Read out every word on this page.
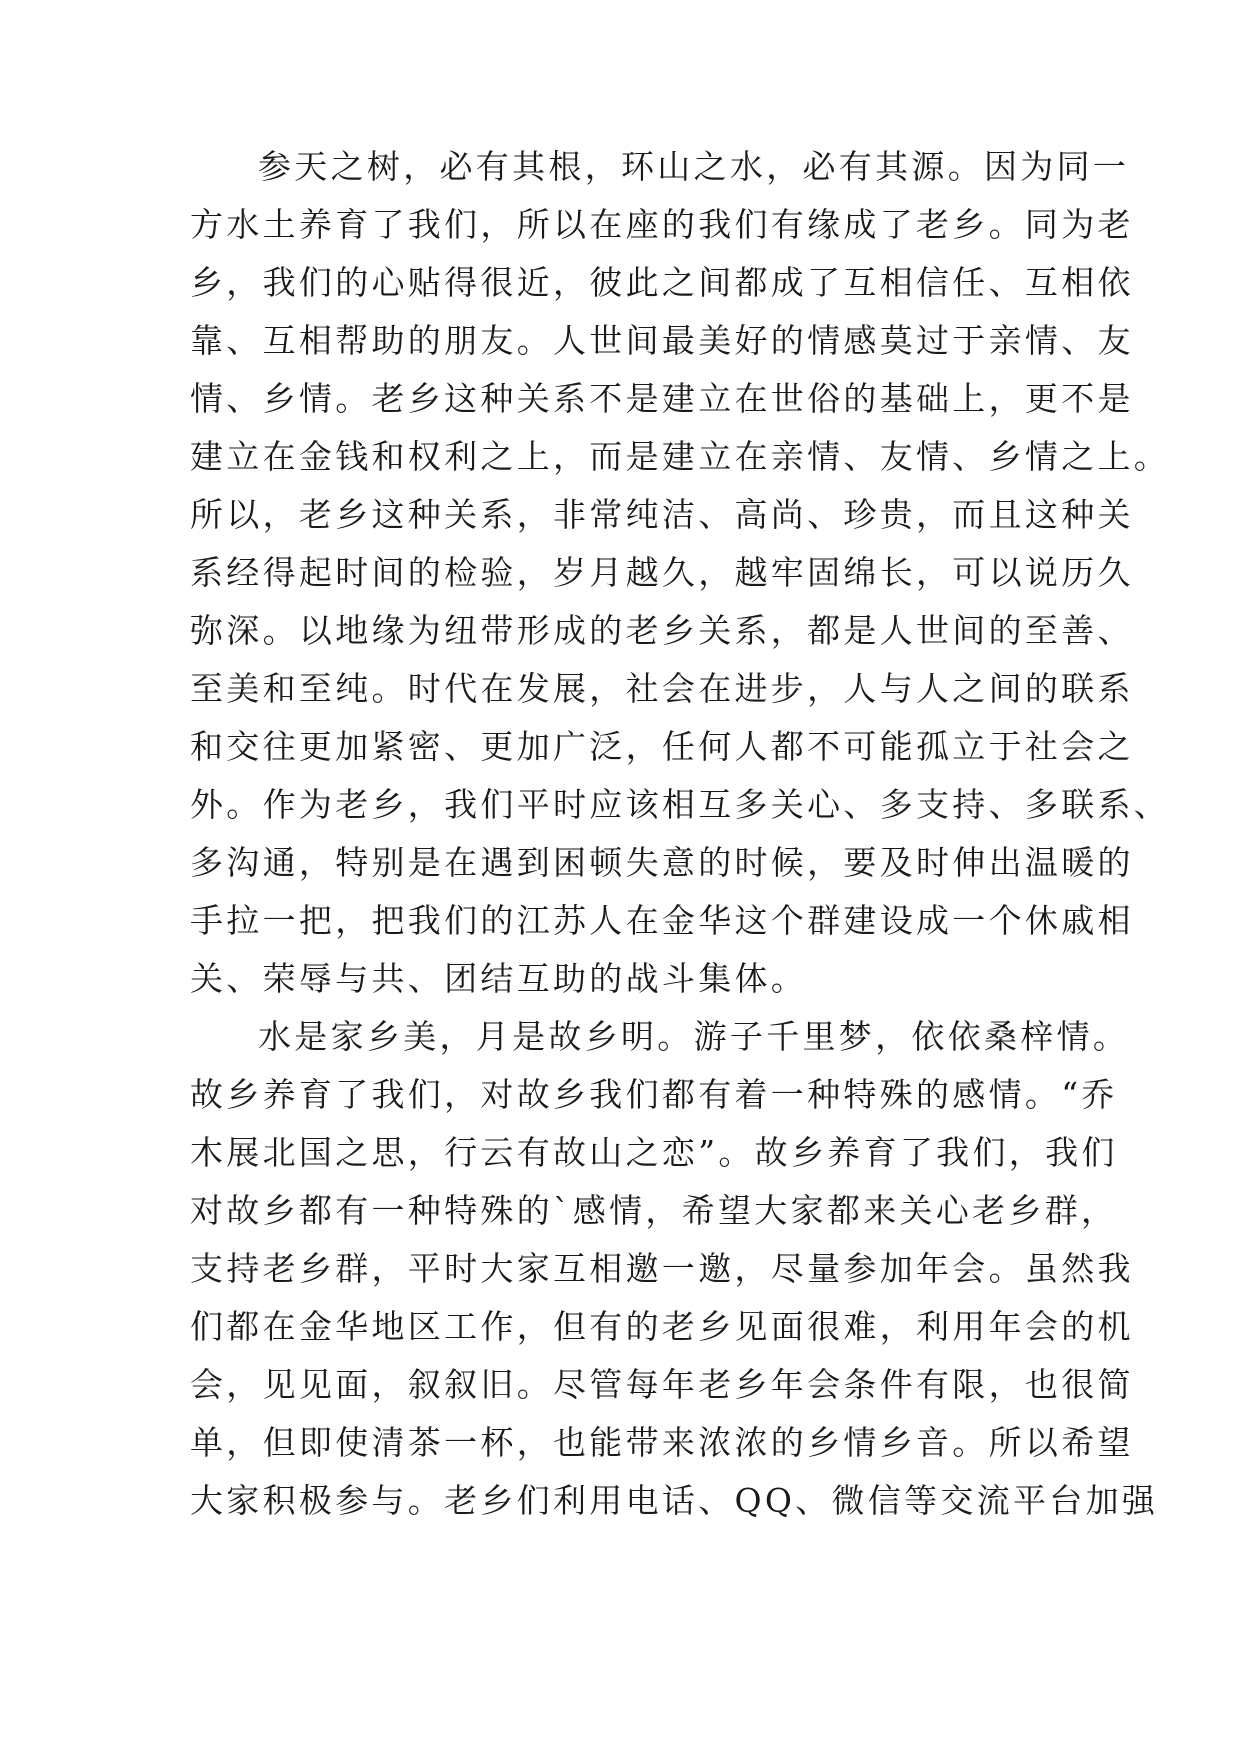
参天之树，必有其根，环山之水，必有其源。因为同一
方水土养育了我们，所以在座的我们有缘成了老乡。同为老
乡，我们的心贴得很近，彼此之间都成了互相信任、互相依
靠、互相帮助的朋友。人世间最美好的情感莫过于亲情、友
情、乡情。老乡这种关系不是建立在世俗的基础上，更不是
建立在金钱和权利之上，而是建立在亲情、友情、乡情之上。
所以，老乡这种关系，非常纯洁、高尚、珍贵，而且这种关
系经得起时间的检验，岁月越久，越牢固绵长，可以说历久
弥深。以地缘为纽带形成的老乡关系，都是人世间的至善、
至美和至纯。时代在发展，社会在进步，人与人之间的联系
和交往更加紧密、更加广泛，任何人都不可能孤立于社会之
外。作为老乡，我们平时应该相互多关心、多支持、多联系、
多沟通，特别是在遇到困顿失意的时候，要及时伸出温暖的
手拉一把，把我们的江苏人在金华这个群建设成一个休戚相
关、荣辱与共、团结互助的战斗集体。
水是家乡美，月是故乡明。游子千里梦，依依桑梓情。
故乡养育了我们，对故乡我们都有着一种特殊的感情。“乔
木展北国之思，行云有故山之恋”。故乡养育了我们，我们
对故乡都有一种特殊的`感情，希望大家都来关心老乡群，
支持老乡群，平时大家互相邀一邀，尽量参加年会。虽然我
们都在金华地区工作，但有的老乡见面很难，利用年会的机
会，见见面，叙叙旧。尽管每年老乡年会条件有限，也很简
单，但即使清茶一杯，也能带来浓浓的乡情乡音。所以希望
大家积极参与。老乡们利用电话、QQ、微信等交流平台加强
